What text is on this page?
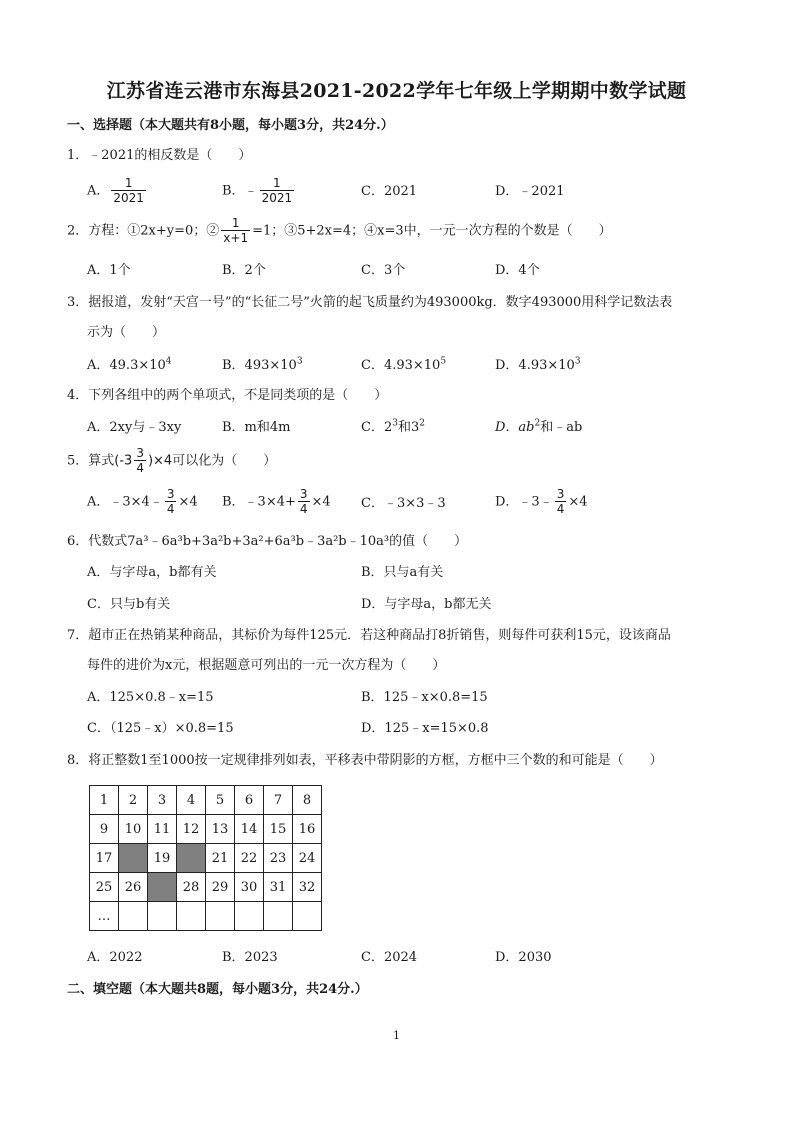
江苏省连云港市东海县2021-2022学年七年级上学期期中数学试题
一、选择题（本大题共有8小题，每小题3分，共24分.）
1．﹣2021的相反数是（　　）
A． $\frac{1}{2021}$	B．﹣ $\frac{1}{2021}$	C．2021	D．﹣2021
2．方程：①2x+y=0；② $\frac{1}{x+1} =1$；③5+2x=4；④x=3中，一元一次方程的个数是（　　）
A．1个	B．2个	C．3个	D．4个
3．据报道，发射“天宫一号”的“长征二号”火箭的起飞质量约为493000kg．数字493000用科学记数法表
示为（　　）
A．$49.3\times 10^4$	B．$493\times 10^3$	C．$4.93\times 10^5$	D．$4.93\times 10^3$
4．下列各组中的两个单项式，不是同类项的是（　　）
A．2xy与﹣3xy	B．m和4m	C．$2^3$和$3^2$	D．$ab^2$和﹣ab
5．算式$(-3 \frac{3}{4} )\times 4$可以化为（　　）
A．﹣3×4﹣ $\frac{3}{4} \times 4$ B．﹣3×4+ $\frac{3}{4} \times 4$ C．﹣3×3﹣3	D．﹣3﹣ $\frac{3}{4} \times 4$
6．代数式7a³﹣6a³b+3a²b+3a²+6a³b﹣3a²b﹣10a³的值（　　）
A．与字母a，b都有关	B．只与a有关
C．只与b有关	D．与字母a，b都无关
7．超市正在热销某种商品，其标价为每件125元．若这种商品打8折销售，则每件可获利15元，设该商品
每件的进价为x元，根据题意可列出的一元一次方程为（　　）
A．125×0.8﹣x=15	B．125﹣x×0.8=15
C．（125﹣x）×0.8=15	D．125﹣x=15×0.8
8．将正整数1至1000按一定规律排列如表，平移表中带阴影的方框，方框中三个数的和可能是（　　）
1	2	3	4	5	6	7	8
9	10	11	12	13	14	15	16
17		19		21	22	23	24
25	26		28	29	30	31	32
…							
A．2022	B．2023	C．2024	D．2030
二、填空题（本大题共8题，每小题3分，共24分.）
1
